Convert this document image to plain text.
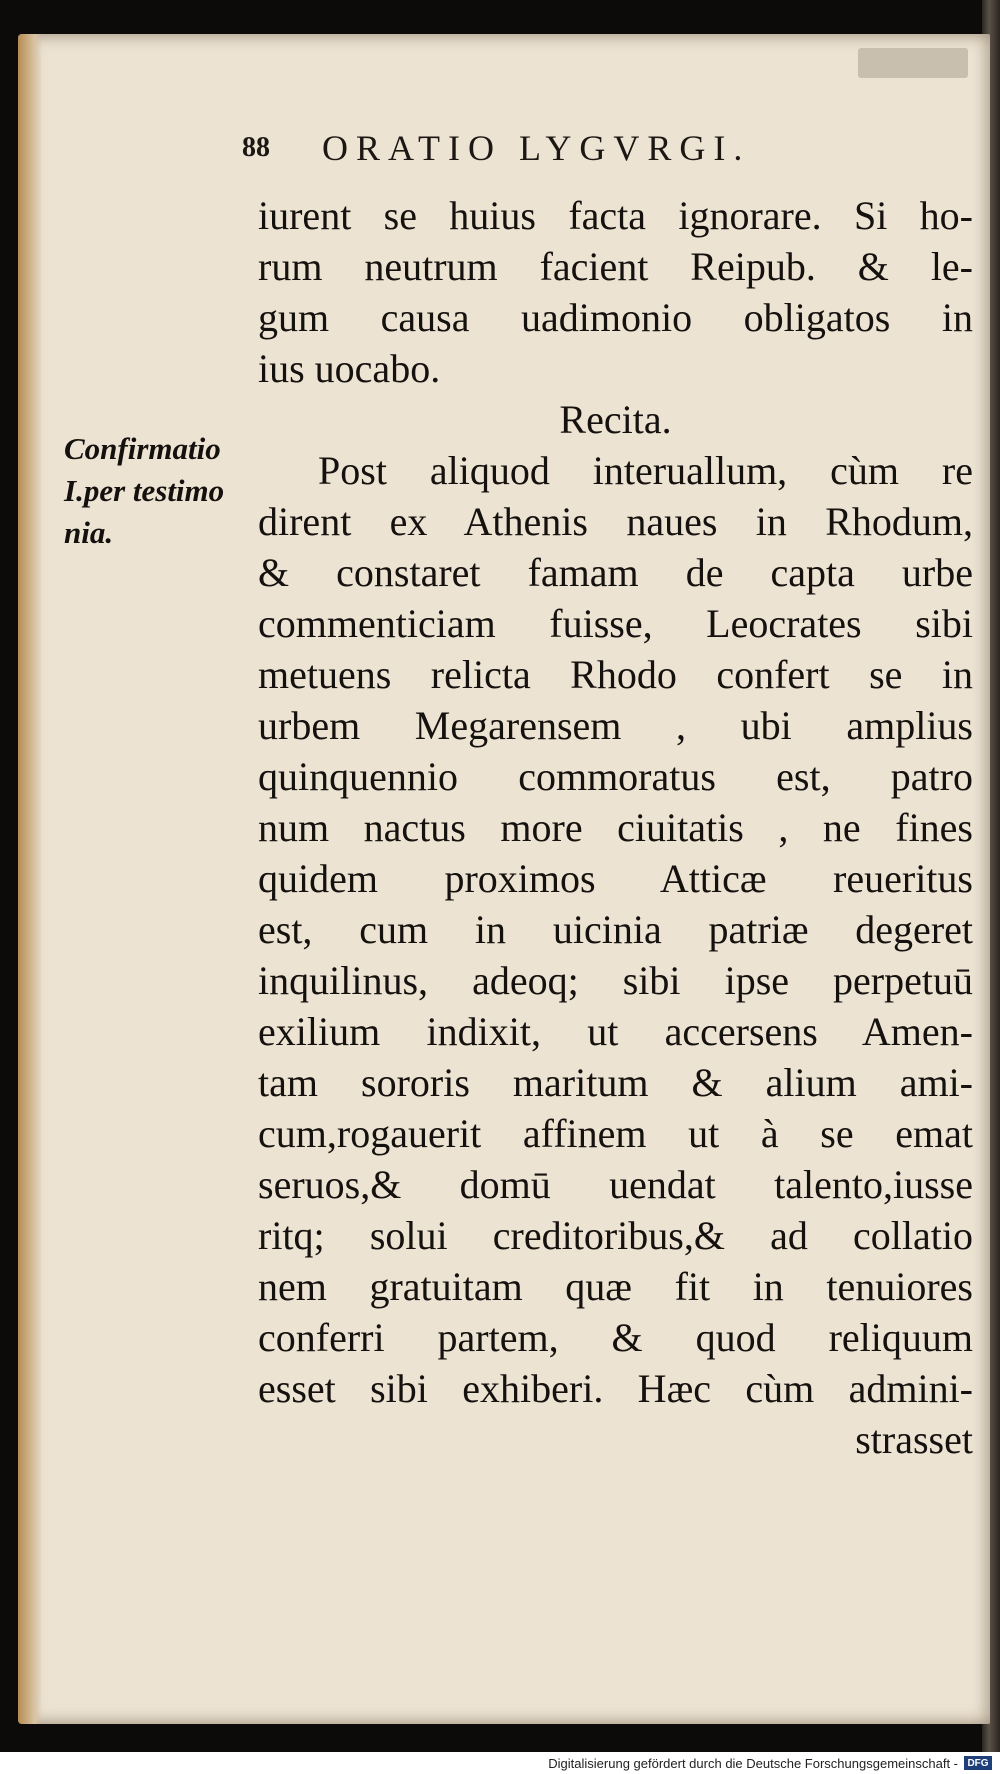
88	ORATIO LYGVRGI.
Confirmatio
I.per testimo
nia.
iurent se huius facta ignorare. Si ho-
rum neutrum facient Reipub. & le-
gum causa uadimonio obligatos in
ius uocabo.
Recita.
Post aliquod interuallum, cùm re
dirent ex Athenis naues in Rhodum,
& constaret famam de capta urbe
commenticiam fuisse, Leocrates sibi
metuens relicta Rhodo confert se in
urbem Megarensem , ubi amplius
quinquennio commoratus est, patro
num nactus more ciuitatis , ne fines
quidem proximos Atticæ reueritus
est, cum in uicinia patriæ degeret
inquilinus, adeoq; sibi ipse perpetuū
exilium indixit, ut accersens Amen-
tam sororis maritum & alium ami-
cum,rogauerit affinem ut à se emat
seruos,& domū uendat talento,iusse
ritq; solui creditoribus,& ad collatio
nem gratuitam quæ fit in tenuiores
conferri partem, & quod reliquum
esset sibi exhiberi. Hæc cùm admini-
strasset
Digitalisierung gefördert durch die Deutsche Forschungsgemeinschaft - DFG
